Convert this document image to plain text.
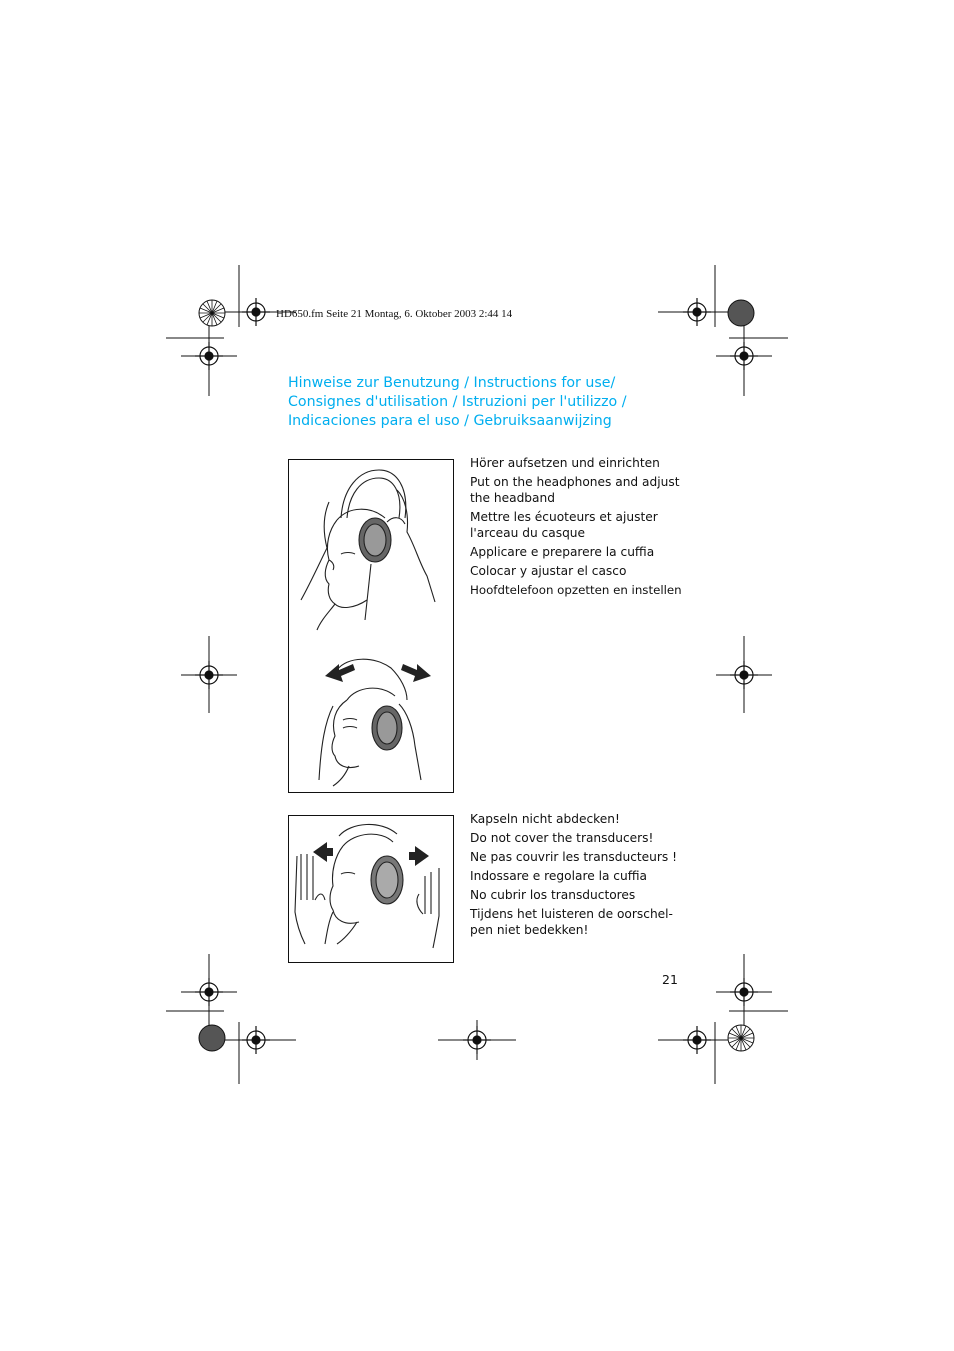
HD650.fm Seite 21 Montag, 6. Oktober 2003 2:44 14
Hinweise zur Benutzung / Instructions for use/
Consignes d'utilisation / Istruzioni per l'utilizzo /
Indicaciones para el uso / Gebruiksaanwijzing
Hörer aufsetzen und einrichten
Put on the headphones and adjust the headband
Mettre les écuoteurs et ajuster l'arceau du casque
Applicare e preparere la cuffia
Colocar y ajustar el casco
Hoofdtelefoon opzetten en instellen
Kapseln nicht abdecken!
Do not cover the transducers!
Ne pas couvrir les transducteurs !
Indossare e regolare la cuffia
No cubrir los transductores
Tijdens het luisteren de oorschel-pen niet bedekken!
21
